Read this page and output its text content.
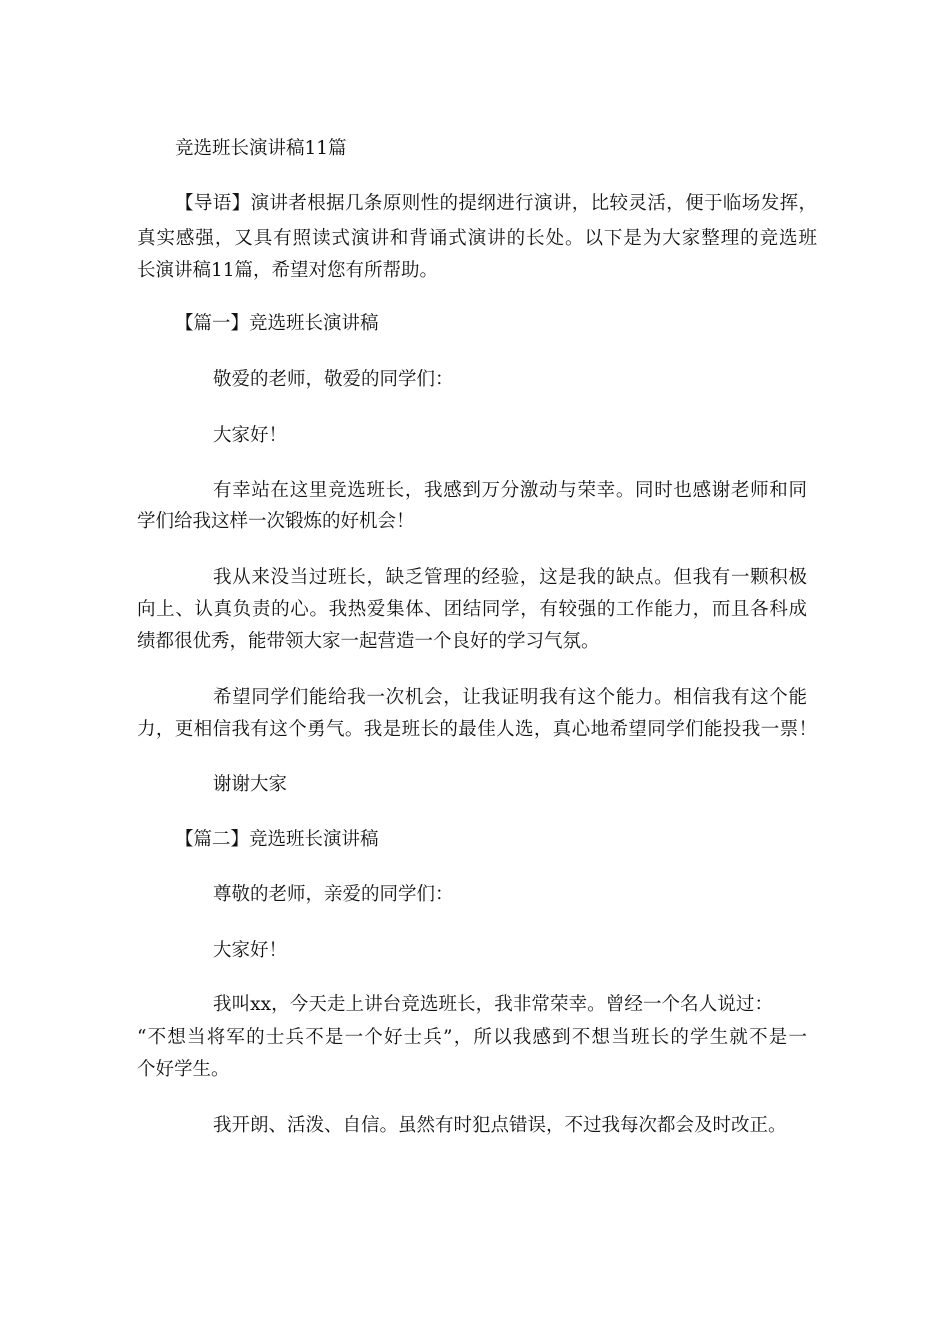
竞选班长演讲稿11篇
【导语】演讲者根据几条原则性的提纲进行演讲，比较灵活，便于临场发挥，
真实感强，又具有照读式演讲和背诵式演讲的长处。以下是为大家整理的竞选班
长演讲稿11篇，希望对您有所帮助。
【篇一】竞选班长演讲稿
敬爱的老师，敬爱的同学们：
大家好！
有幸站在这里竞选班长，我感到万分激动与荣幸。同时也感谢老师和同
学们给我这样一次锻炼的好机会！
我从来没当过班长，缺乏管理的经验，这是我的缺点。但我有一颗积极
向上、认真负责的心。我热爱集体、团结同学，有较强的工作能力，而且各科成
绩都很优秀，能带领大家一起营造一个良好的学习气氛。
希望同学们能给我一次机会，让我证明我有这个能力。相信我有这个能
力，更相信我有这个勇气。我是班长的最佳人选，真心地希望同学们能投我一票！
谢谢大家
【篇二】竞选班长演讲稿
尊敬的老师，亲爱的同学们：
大家好！
我叫xx，今天走上讲台竞选班长，我非常荣幸。曾经一个名人说过：
“不想当将军的士兵不是一个好士兵”，所以我感到不想当班长的学生就不是一
个好学生。
我开朗、活泼、自信。虽然有时犯点错误，不过我每次都会及时改正。
